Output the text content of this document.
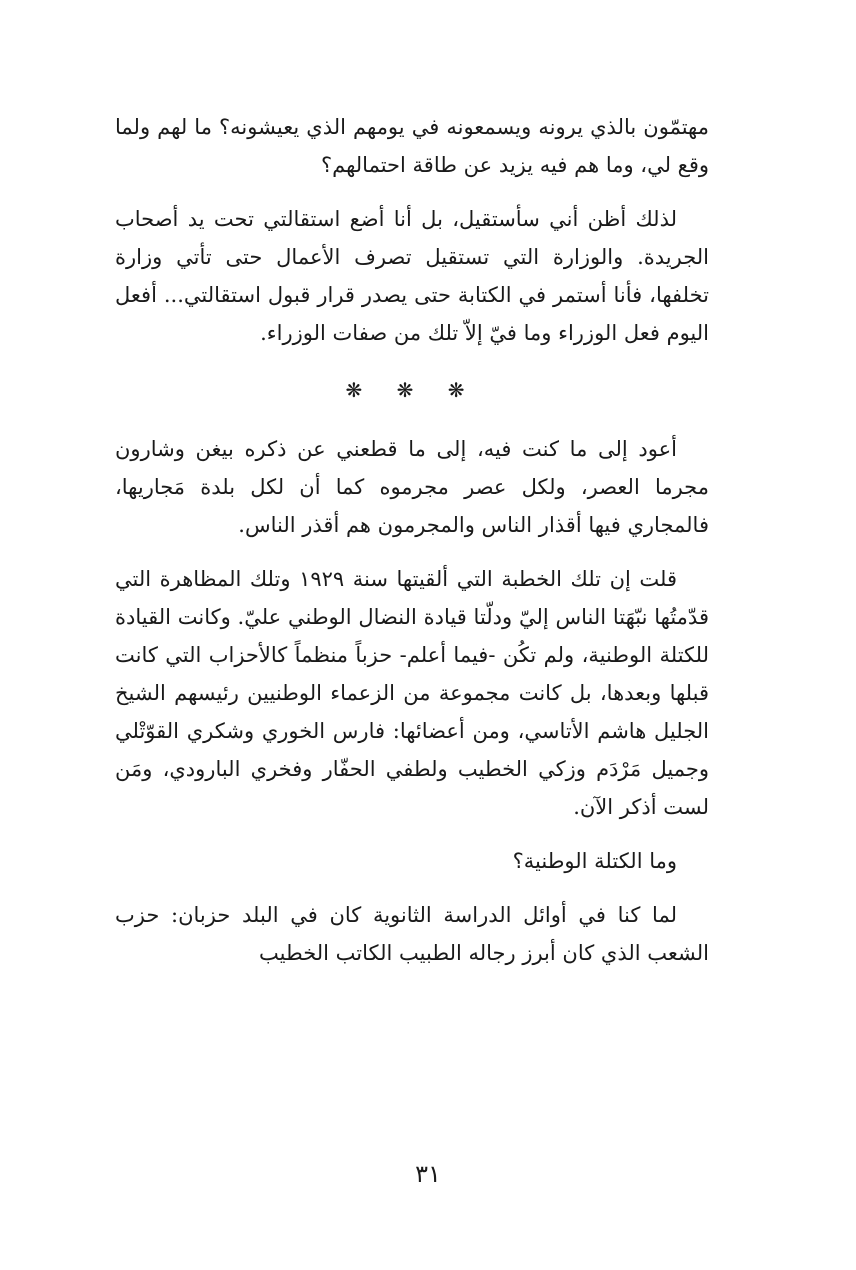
مهتمّون بالذي يرونه ويسمعونه في يومهم الذي يعيشونه؟ ما لهم ولما وقع لي، وما هم فيه يزيد عن طاقة احتمالهم؟

لذلك أظن أني سأستقيل، بل أنا أضع استقالتي تحت يد أصحاب الجريدة. والوزارة التي تستقيل تصرف الأعمال حتى تأتي وزارة تخلفها، فأنا أستمر في الكتابة حتى يصدر قرار قبول استقالتي... أفعل اليوم فعل الوزراء وما فيّ إلاّ تلك من صفات الوزراء.

❋ ❋ ❋

أعود إلى ما كنت فيه، إلى ما قطعني عن ذكره بيغن وشارون مجرما العصر، ولكل عصر مجرموه كما أن لكل بلدة مَجاريها، فالمجاري فيها أقذار الناس والمجرمون هم أقذر الناس.

قلت إن تلك الخطبة التي ألقيتها سنة ١٩٢٩ وتلك المظاهرة التي قدّمتُها نبّهَتا الناس إليّ ودلّتا قيادة النضال الوطني عليّ. وكانت القيادة للكتلة الوطنية، ولم تكُن -فيما أعلم- حزباً منظماً كالأحزاب التي كانت قبلها وبعدها، بل كانت مجموعة من الزعماء الوطنيين رئيسهم الشيخ الجليل هاشم الأتاسي، ومن أعضائها: فارس الخوري وشكري القوّتْلي وجميل مَرْدَم وزكي الخطيب ولطفي الحفّار وفخري البارودي، ومَن لست أذكر الآن.

وما الكتلة الوطنية؟

لما كنا في أوائل الدراسة الثانوية كان في البلد حزبان: حزب الشعب الذي كان أبرز رجاله الطبيب الكاتب الخطيب

٣١
